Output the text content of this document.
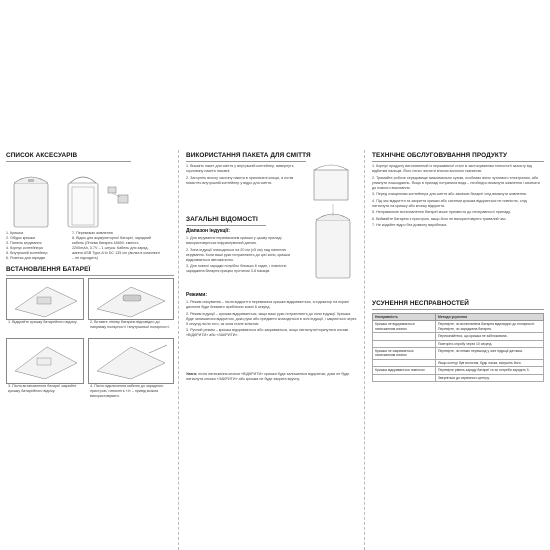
СПИСОК АКСЕСУАРІВ
1. Кришка
2. Обідок кришки
3. Панель керування
4. Корпус контейнера
5. Внутрішній контейнер
6. Розетка для зарядки
7. Перемикач живлення
8. Відсік для акумуляторної батареї, зарядний
кабель (Літієва батарея 18650, ємність
2200mAh, 3.7V – 1 штука. Кабель для заряд-
жання USB Type-A to DC 135 cm (вилка в комплекті
– не підходить)
ВСТАНОВЛЕННЯ БАТАРЕЇ
1. Відкрийте кришку батарейного відсіку.	2. Вставте літієву батарею відповідно до напрямку полярності і внутрішньої полярності.
3. Після встановлення батареї закрийте кришку батарейного відсіку.
4. Після підключення кабелю до зарядного пристрою, натисніть «I» – привід можна використовувати.
ВИКОРИСТАННЯ ПАКЕТА ДЛЯ СМІТТЯ

1. Візьміть пакет для сміття у внутрішній контейнер, вивернуть горловину пакета назовні.

2. Загорніть вільну частину пакета в призначені кільця, а потім помістіть внутрішній контейнер у відро для сміття.

ЗАГАЛЬНІ ВІДОМОСТІ
Діапазон індукції:

1. Для керування перемикачем кришки у цьому приладі використовується інфрачервоний датчик.

2. Зона індукції знаходиться на 20 см (±5 см) над панеллю керування. Коли ваші руки потрапляють до цієї зони, кришка відкривається автоматично.

3. Для повної зарядки потрібно близько 6 годин, і повністю заряджена батарея працює протягом 3-6 місяців.

Режими:

1. Режим очікування – після відкриття перемикача кришка відкривається, а індикатор на екрані дисплея буде блимати приблизно кожні 6 секунд.

2. Режим індукції – кришка відкривається, якщо ваші руки потрапляють до зони індукції. Кришка буде залишатися відкритою, доки руки або предмети знаходяться в зоні індукції, і закриється через 5 секунд після того, як зона стане вільною.

3. Ручний режим – кришка відкривається або закривається, якщо натиснути/торкнутися кнопки «ВІДКРИТИ» або «ЗАКРИТИ».

Увага: після натискання кнопки «ВІДКРИТИ» кришка буде залишатися відкритою, доки не буде натиснута кнопка «ЗАКРИТИ» або кришка не буде закрита вручну.
ТЕХНІЧНЕ ОБСЛУГОВУВАННЯ ПРОДУКТУ

1. Корпус продукту виготовлений із нержавіючої сталі із застосуванням технології захисту від відбитків пальців. Його легко чистити м'якою вологою тканиною.

2. Тримайте робоче середовище максимально сухим, особливо вікно чутливого електроніки, аби уникнути пошкоджень. Якщо в приладі потрапила вода – необхідно вимкнути живлення і зачекати до повного висихання.

3. Перед очищенням контейнера для сміття або заміною батареї слід вимкнути живлення.

4. Під час відкриття та закриття кришки або системи кришка відкриється не повністю, слід натиснути на кришку або кнопку відкриття.

5. Неправильне встановлення батареї може призвести до несправності приладу.

6. Виймайте батарею з пристрою, якщо його не використовують тривалий час.

7. Не кидайте відро без дозволу виробника.

УСУНЕННЯ НЕСПРАВНОСТЕЙ
Несправність	Методи усунення
Кришка не відкривається натисканням кнопки	Перевірте, чи встановлена батарея відповідно до полярності. Перевірте, чи заряджена батарея.
	Переконайтеся, що кришка не заблокована.
	Повторіть спробу через 10 секунд.
Кришка не закривається натисканням кнопки	Перевірте, чи немає перешкод у зоні індукції датчика.
	Якщо контур був вологим, будь ласка, висушіть його.
Кришка відкривається повільно	Перевірте рівень заряду батареї та за потреби зарядіть її.
	Зверніться до сервісного центру.
